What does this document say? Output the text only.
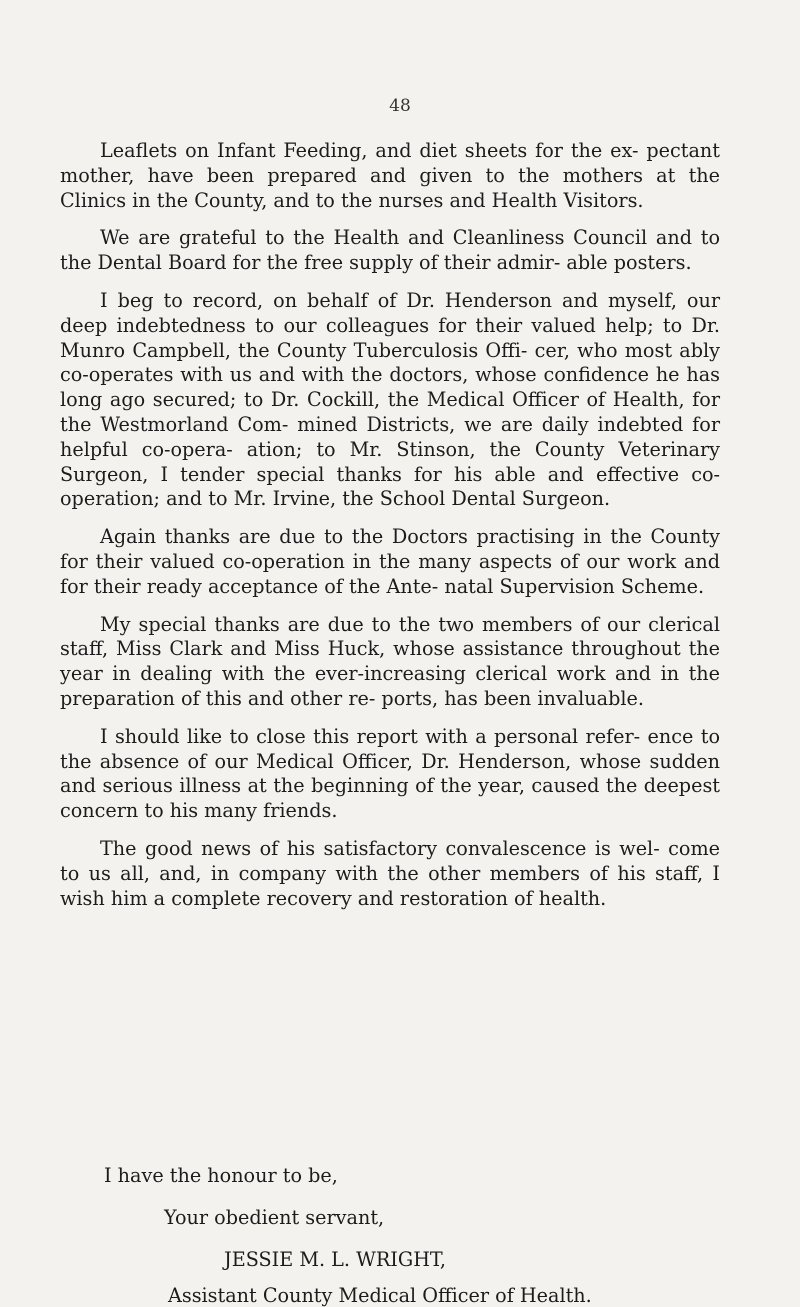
48

Leaflets on Infant Feeding, and diet sheets for the ex- pectant mother, have been prepared and given to the mothers at the Clinics in the County, and to the nurses and Health Visitors.

We are grateful to the Health and Cleanliness Council and to the Dental Board for the free supply of their admir- able posters.

I beg to record, on behalf of Dr. Henderson and myself, our deep indebtedness to our colleagues for their valued help; to Dr. Munro Campbell, the County Tuberculosis Offi- cer, who most ably co-operates with us and with the doctors, whose confidence he has long ago secured; to Dr. Cockill, the Medical Officer of Health, for the Westmorland Com- mined Districts, we are daily indebted for helpful co-opera- ation; to Mr. Stinson, the County Veterinary Surgeon, I tender special thanks for his able and effective co-operation; and to Mr. Irvine, the School Dental Surgeon.

Again thanks are due to the Doctors practising in the County for their valued co-operation in the many aspects of our work and for their ready acceptance of the Ante- natal Supervision Scheme.

My special thanks are due to the two members of our clerical staff, Miss Clark and Miss Huck, whose assistance throughout the year in dealing with the ever-increasing clerical work and in the preparation of this and other re- ports, has been invaluable.

I should like to close this report with a personal refer- ence to the absence of our Medical Officer, Dr. Henderson, whose sudden and serious illness at the beginning of the year, caused the deepest concern to his many friends.

The good news of his satisfactory convalescence is wel- come to us all, and, in company with the other members of his staff, I wish him a complete recovery and restoration of health.

I have the honour to be,
Your obedient servant,
JESSIE M. L. WRIGHT,
Assistant County Medical Officer of Health.
